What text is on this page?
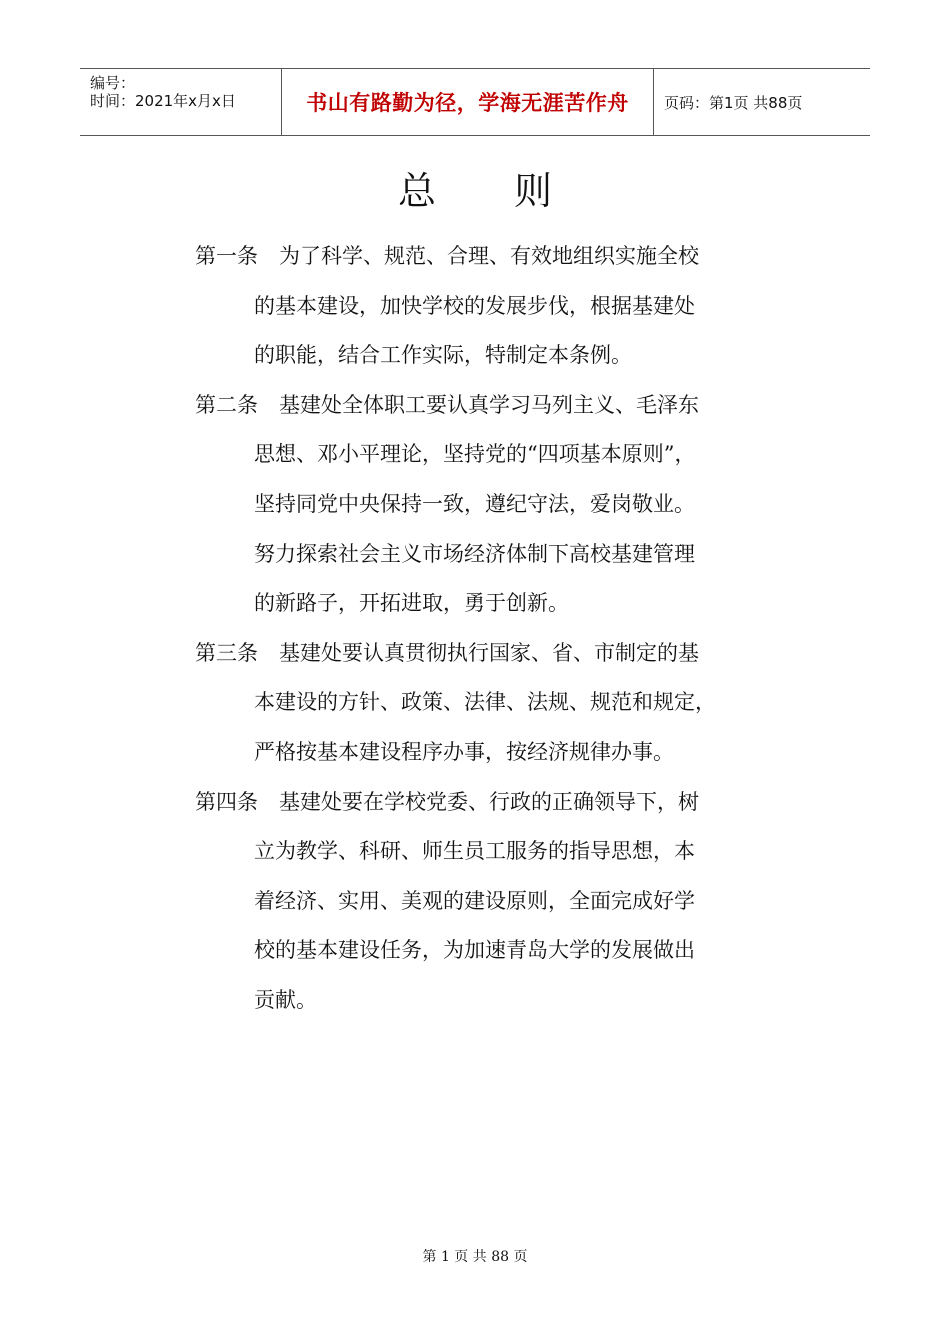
编号：
时间：2021年x月x日	书山有路勤为径，学海无涯苦作舟 页码：第1页 共88页
总 则
第一条 为了科学、规范、合理、有效地组织实施全校
的基本建设，加快学校的发展步伐，根据基建处
的职能，结合工作实际，特制定本条例。
第二条 基建处全体职工要认真学习马列主义、毛泽东
思想、邓小平理论，坚持党的“四项基本原则”，
坚持同党中央保持一致，遵纪守法，爱岗敬业。
努力探索社会主义市场经济体制下高校基建管理
的新路子，开拓进取，勇于创新。
第三条 基建处要认真贯彻执行国家、省、市制定的基
本建设的方针、政策、法律、法规、规范和规定，
严格按基本建设程序办事，按经济规律办事。
第四条 基建处要在学校党委、行政的正确领导下，树
立为教学、科研、师生员工服务的指导思想，本
着经济、实用、美观的建设原则，全面完成好学
校的基本建设任务，为加速青岛大学的发展做出
贡献。
第 1 页 共 88 页
